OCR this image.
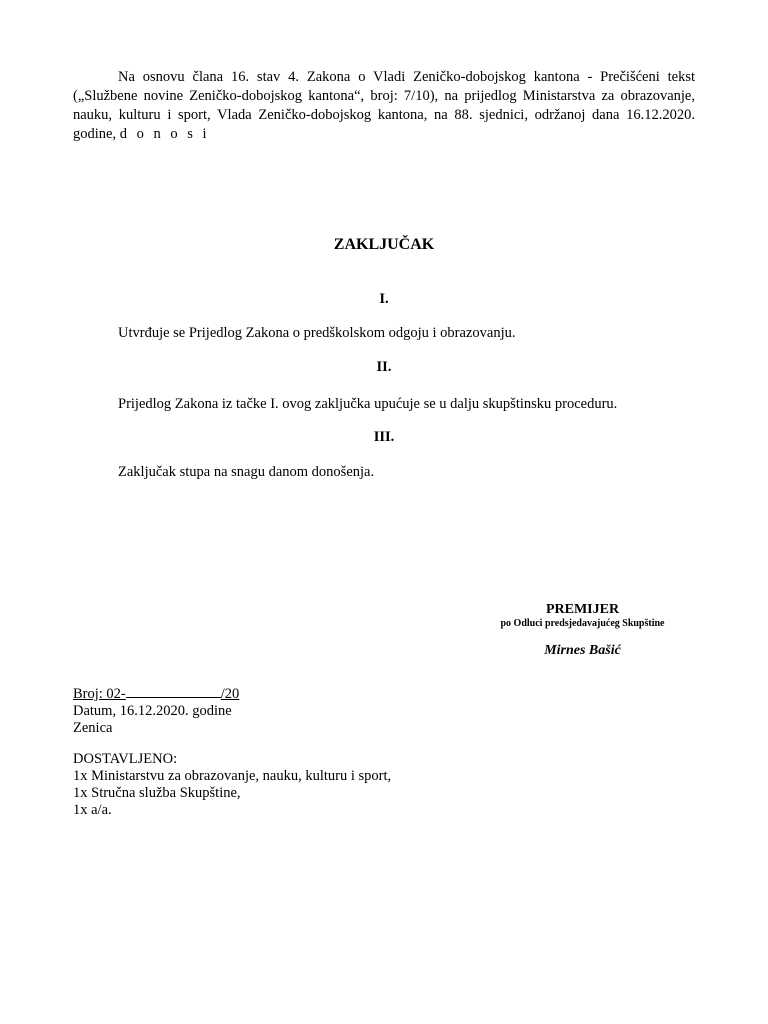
Na osnovu člana 16. stav 4. Zakona o Vladi Zeničko-dobojskog kantona - Prečišćeni tekst („Službene novine Zeničko-dobojskog kantona“, broj: 7/10), na prijedlog Ministarstva za obrazovanje, nauku, kulturu i sport, Vlada Zeničko-dobojskog kantona, na 88. sjednici, održanoj dana 16.12.2020. godine, d o n o s i

ZAKLJUČAK

I.

Utvrđuje se Prijedlog Zakona o predškolskom odgoju i obrazovanju.

II.

Prijedlog Zakona iz tačke I. ovog zaključka upućuje se u dalju skupštinsku proceduru.

III.

Zaključak stupa na snagu danom donošenja.

PREMIJER

po Odluci predsjedavajućeg Skupštine

Mirnes Bašić

Broj: 02-	/20
Datum, 16.12.2020. godine
Zenica
DOSTAVLJENO:
1x Ministarstvu za obrazovanje, nauku, kulturu i sport,
1x Stručna služba Skupštine,
1x a/a.
